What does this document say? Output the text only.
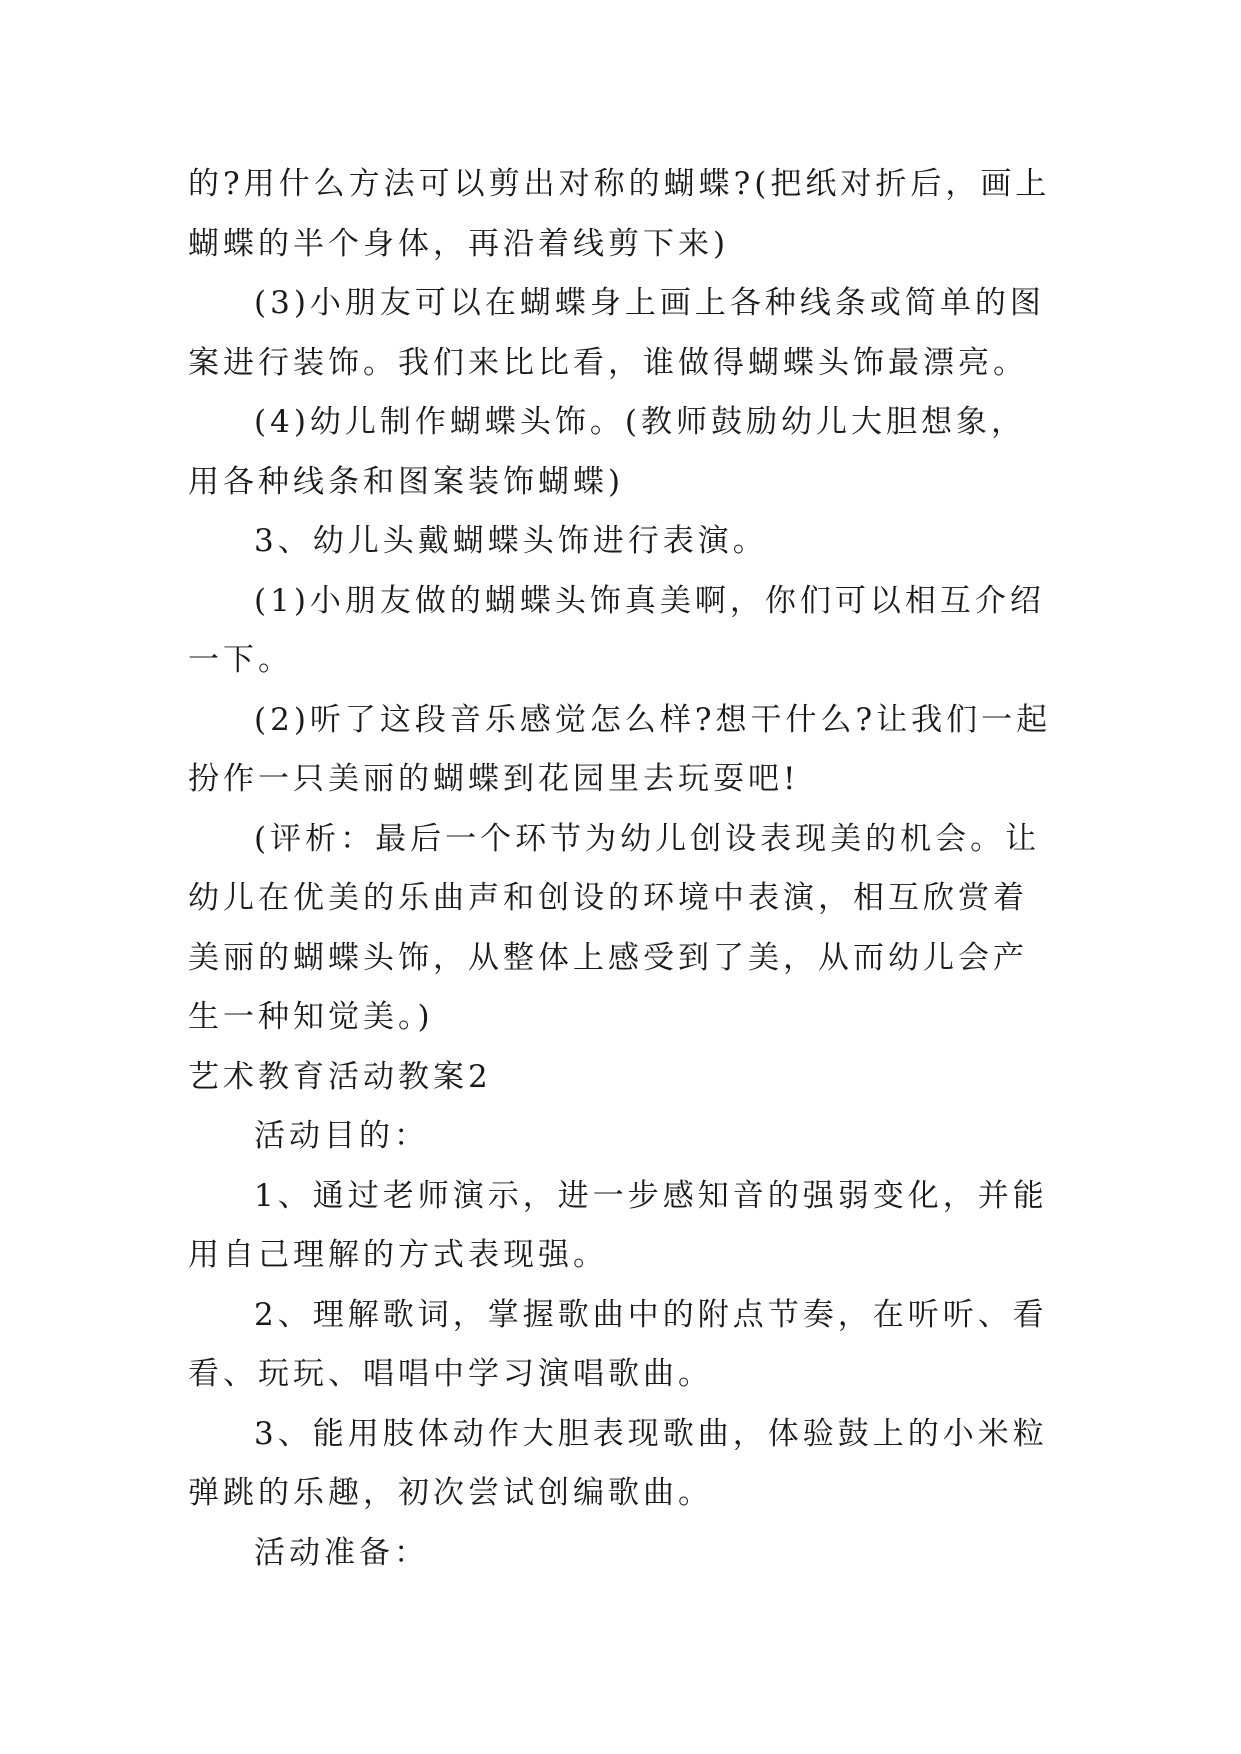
的?用什么方法可以剪出对称的蝴蝶?(把纸对折后，画上蝴蝶的半个身体，再沿着线剪下来)

(3)小朋友可以在蝴蝶身上画上各种线条或简单的图案进行装饰。我们来比比看，谁做得蝴蝶头饰最漂亮。

(4)幼儿制作蝴蝶头饰。(教师鼓励幼儿大胆想象，用各种线条和图案装饰蝴蝶)

3、幼儿头戴蝴蝶头饰进行表演。

(1)小朋友做的蝴蝶头饰真美啊，你们可以相互介绍一下。

(2)听了这段音乐感觉怎么样?想干什么?让我们一起扮作一只美丽的蝴蝶到花园里去玩耍吧!

(评析：最后一个环节为幼儿创设表现美的机会。让幼儿在优美的乐曲声和创设的环境中表演，相互欣赏着美丽的蝴蝶头饰，从整体上感受到了美，从而幼儿会产生一种知觉美。)

艺术教育活动教案2

活动目的：

1、通过老师演示，进一步感知音的强弱变化，并能用自己理解的方式表现强。

2、理解歌词，掌握歌曲中的附点节奏，在听听、看看、玩玩、唱唱中学习演唱歌曲。

3、能用肢体动作大胆表现歌曲，体验鼓上的小米粒弹跳的乐趣，初次尝试创编歌曲。

活动准备：
